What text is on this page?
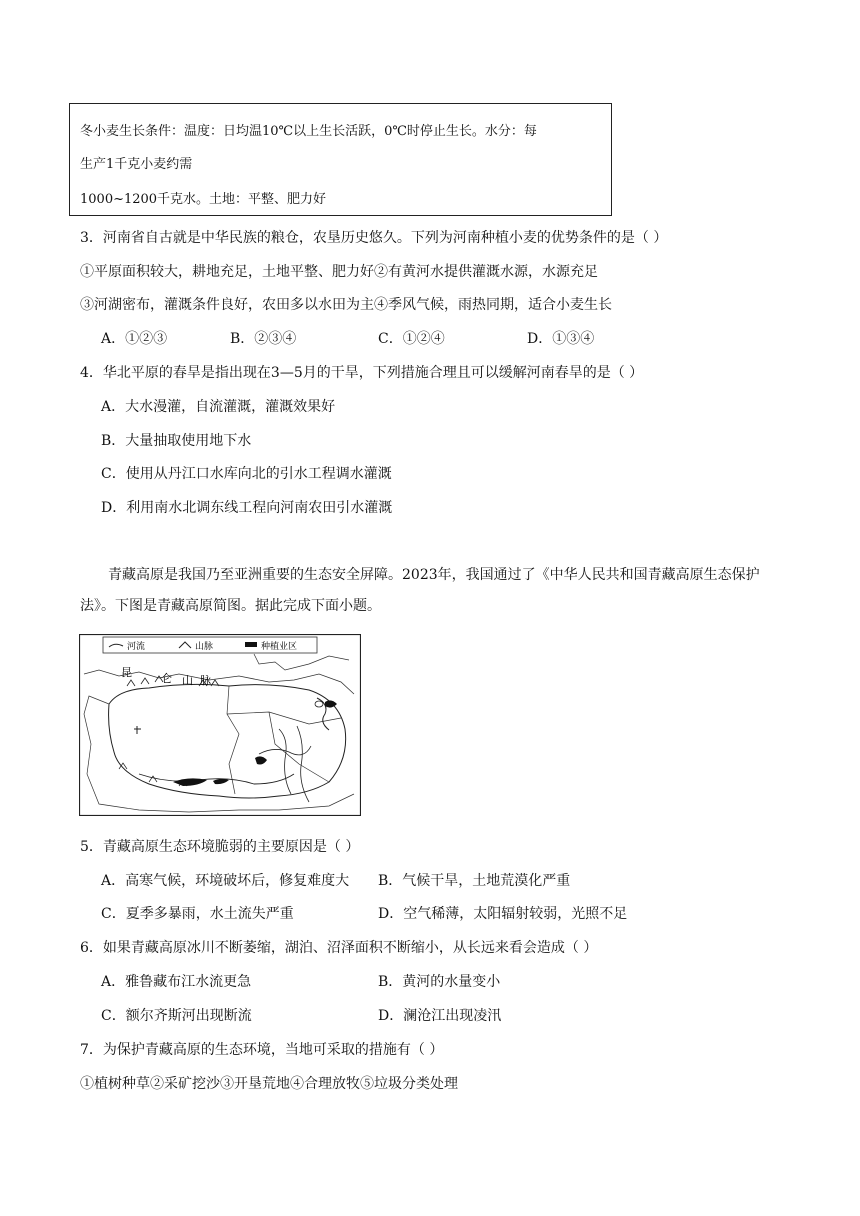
冬小麦生长条件：温度：日均温10℃以上生长活跃，0℃时停止生长。水分：每
生产1千克小麦约需
1000~1200千克水。土地：平整、肥力好
3．河南省自古就是中华民族的粮仓，农垦历史悠久。下列为河南种植小麦的优势条件的是（ ）
①平原面积较大，耕地充足，土地平整、肥力好②有黄河水提供灌溉水源，水源充足
③河湖密布，灌溉条件良好，农田多以水田为主④季风气候，雨热同期，适合小麦生长
A．①②③	B．②③④	C．①②④	D．①③④
4．华北平原的春旱是指出现在3—5月的干旱，下列措施合理且可以缓解河南春旱的是（ ）
A．大水漫灌，自流灌溉，灌溉效果好
B．大量抽取使用地下水
C．使用从丹江口水库向北的引水工程调水灌溉
D．利用南水北调东线工程向河南农田引水灌溉
青藏高原是我国乃至亚洲重要的生态安全屏障。2023年，我国通过了《中华人民共和国青藏高原生态保护法》。下图是青藏高原简图。据此完成下面小题。
河流	山脉	种植业区
昆	仑 山 脉
5．青藏高原生态环境脆弱的主要原因是（ ）
A．高寒气候，环境破坏后，修复难度大 B．气候干旱，土地荒漠化严重
C．夏季多暴雨，水土流失严重	D．空气稀薄，太阳辐射较弱，光照不足
6．如果青藏高原冰川不断萎缩，湖泊、沼泽面积不断缩小，从长远来看会造成（ ）
A．雅鲁藏布江水流更急	B．黄河的水量变小
C．额尔齐斯河出现断流	D．澜沧江出现凌汛
7．为保护青藏高原的生态环境，当地可采取的措施有（ ）
①植树种草②采矿挖沙③开垦荒地④合理放牧⑤垃圾分类处理
